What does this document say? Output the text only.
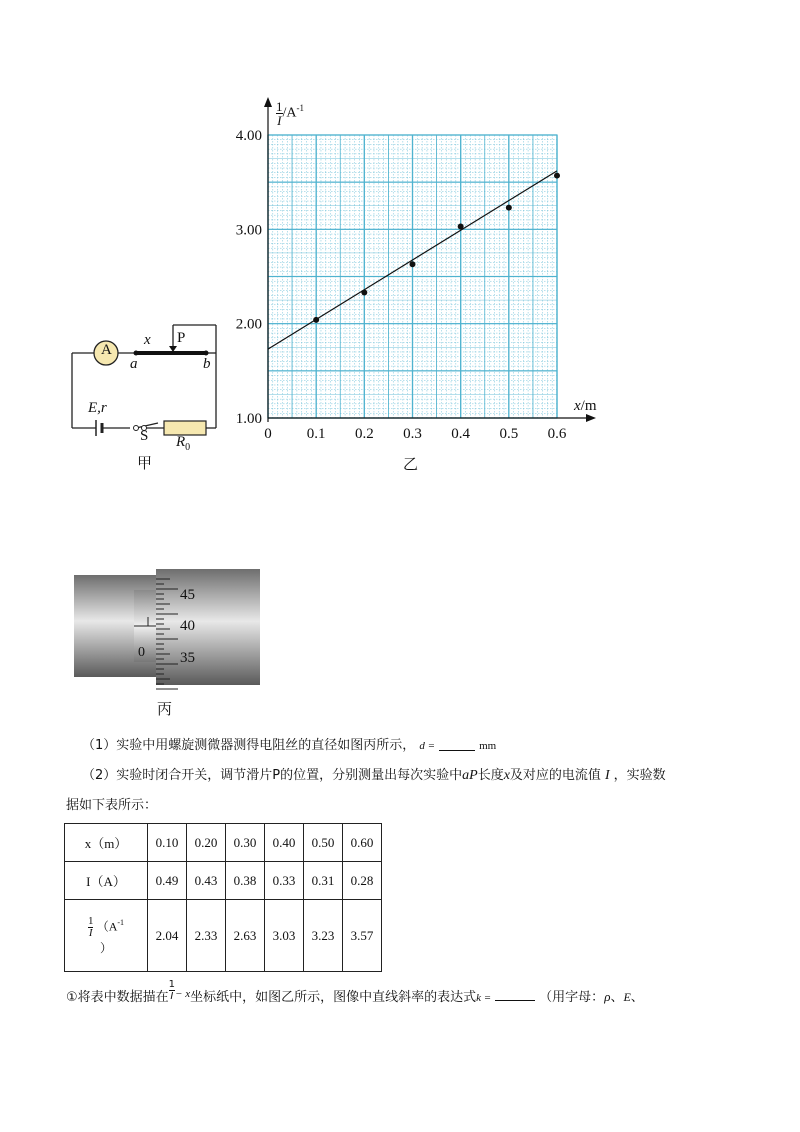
A
x P
a	b
E,r
S $R_0$
甲
0 0.1 0.2 0.3 0.4 0.5 0.6
1.00
2.00
3.00
4.00
$\frac{1}{I} /A^{-1}$
x/m
乙
45
40
35
0
丙
（1）实验中用螺旋测微器测得电阻丝的直径如图丙所示， d =	mm
（2）实验时闭合开关，调节滑片P的位置，分别测量出每次实验中aP长度x及对应的电流值 I ，实验数
据如下表所示：
x（m）	0.10	0.20	0.30	0.40	0.50	0.60
I（A）	0.49	0.43	0.38	0.33	0.31	0.28

$\frac{1}{I} (A^{-1}$
）	2.04	2.33	2.63	3.03	3.23	3.57
①将表中数据描在 $\frac{1}{I} ^{- x}$坐标纸中，如图乙所示，图像中直线斜率的表达式k =	（用字母：ρ、E、
